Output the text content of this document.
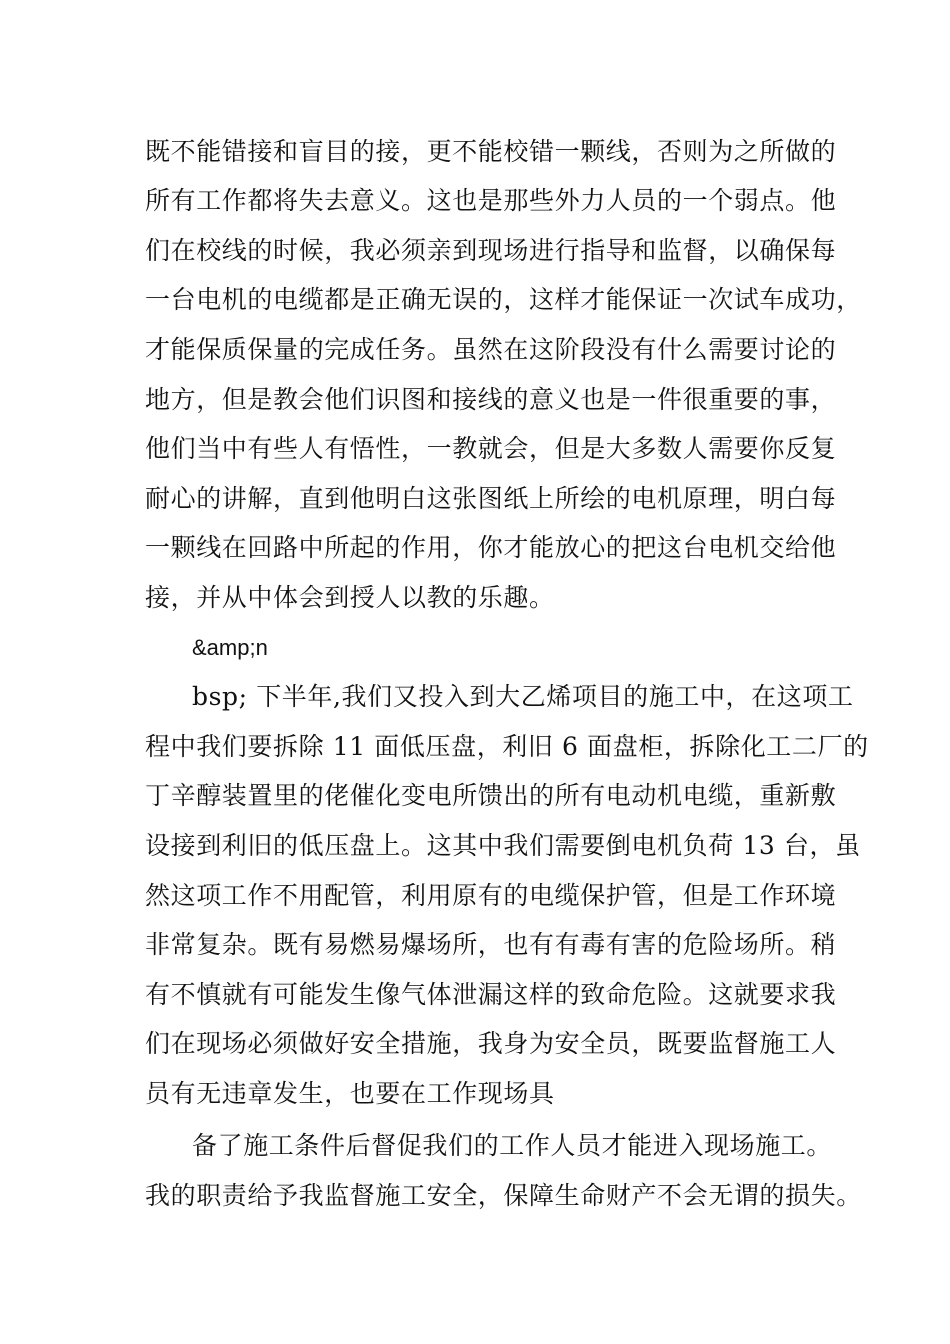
既不能错接和盲目的接，更不能校错一颗线，否则为之所做的
所有工作都将失去意义。这也是那些外力人员的一个弱点。他
们在校线的时候，我必须亲到现场进行指导和监督，以确保每
一台电机的电缆都是正确无误的，这样才能保证一次试车成功，
才能保质保量的完成任务。虽然在这阶段没有什么需要讨论的
地方，但是教会他们识图和接线的意义也是一件很重要的事，
他们当中有些人有悟性，一教就会，但是大多数人需要你反复
耐心的讲解，直到他明白这张图纸上所绘的电机原理，明白每
一颗线在回路中所起的作用，你才能放心的把这台电机交给他
接，并从中体会到授人以教的乐趣。
&amp;n
bsp; 下半年,我们又投入到大乙烯项目的施工中，在这项工
程中我们要拆除 11 面低压盘，利旧 6 面盘柜，拆除化工二厂的
丁辛醇装置里的佬催化变电所馈出的所有电动机电缆，重新敷
设接到利旧的低压盘上。这其中我们需要倒电机负荷 13 台，虽
然这项工作不用配管，利用原有的电缆保护管，但是工作环境
非常复杂。既有易燃易爆场所，也有有毒有害的危险场所。稍
有不慎就有可能发生像气体泄漏这样的致命危险。这就要求我
们在现场必须做好安全措施，我身为安全员，既要监督施工人
员有无违章发生，也要在工作现场具
备了施工条件后督促我们的工作人员才能进入现场施工。
我的职责给予我监督施工安全，保障生命财产不会无谓的损失。
